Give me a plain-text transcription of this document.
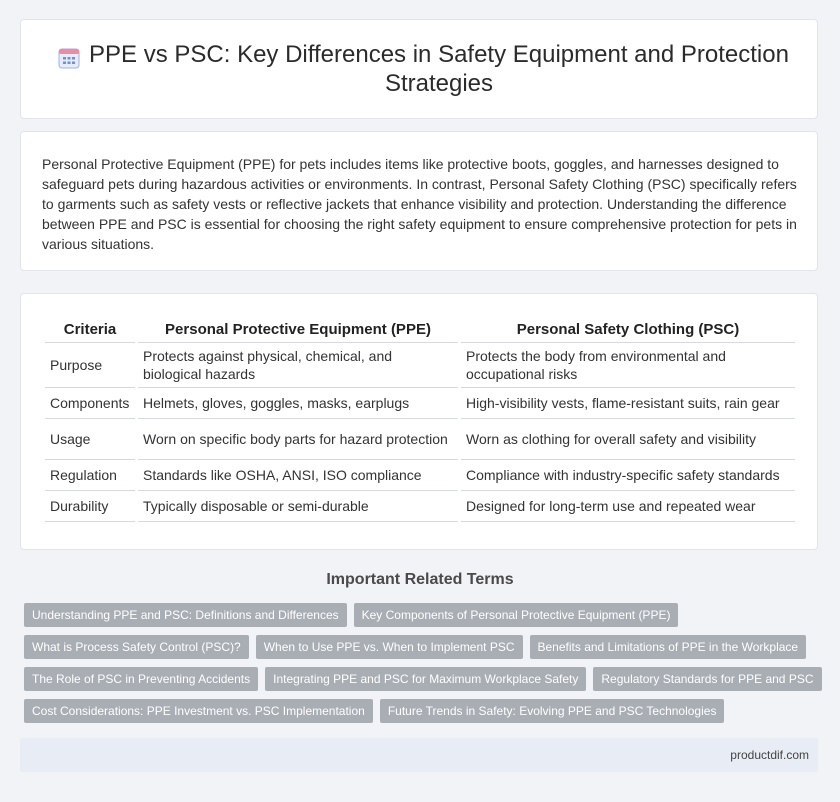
PPE vs PSC: Key Differences in Safety Equipment and Protection Strategies

Personal Protective Equipment (PPE) for pets includes items like protective boots, goggles, and harnesses designed to safeguard pets during hazardous activities or environments. In contrast, Personal Safety Clothing (PSC) specifically refers to garments such as safety vests or reflective jackets that enhance visibility and protection. Understanding the difference between PPE and PSC is essential for choosing the right safety equipment to ensure comprehensive protection for pets in various situations.

Criteria	Personal Protective Equipment (PPE)	Personal Safety Clothing (PSC)
Purpose	Protects against physical, chemical, and biological hazards	Protects the body from environmental and occupational risks
Components	Helmets, gloves, goggles, masks, earplugs	High-visibility vests, flame-resistant suits, rain gear
Usage	Worn on specific body parts for hazard protection	Worn as clothing for overall safety and visibility
Regulation	Standards like OSHA, ANSI, ISO compliance	Compliance with industry-specific safety standards
Durability	Typically disposable or semi-durable	Designed for long-term use and repeated wear
Important Related Terms
Understanding PPE and PSC: Definitions and Differences	Key Components of Personal Protective Equipment (PPE)
What is Process Safety Control (PSC)?	When to Use PPE vs. When to Implement PSC	Benefits and Limitations of PPE in the Workplace
The Role of PSC in Preventing Accidents	Integrating PPE and PSC for Maximum Workplace Safety	Regulatory Standards for PPE and PSC
Cost Considerations: PPE Investment vs. PSC Implementation	Future Trends in Safety: Evolving PPE and PSC Technologies
productdif.com
